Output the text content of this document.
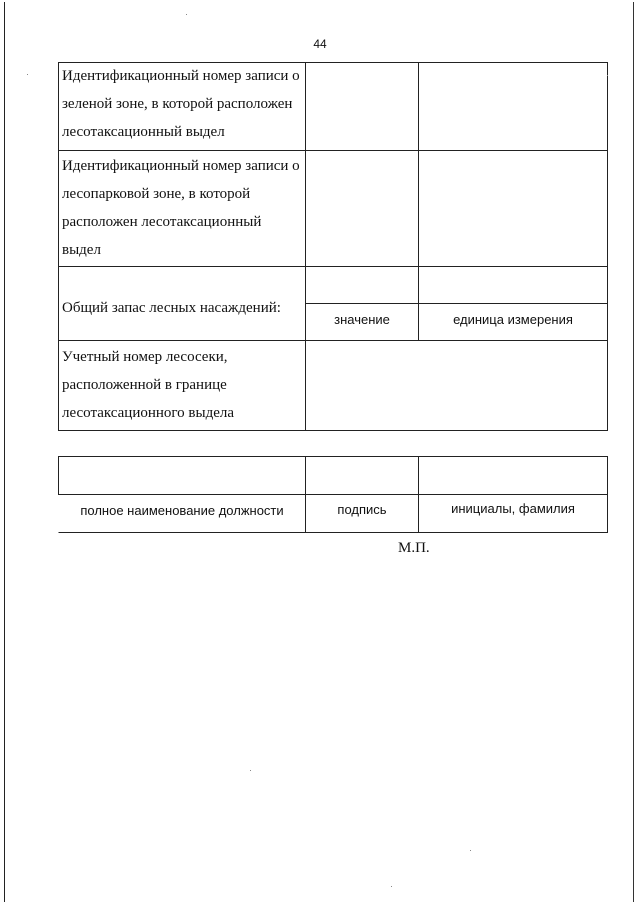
44
Идентификационный номер записи о
зеленой зоне, в которой расположен
лесотаксационный выдел
Идентификационный номер записи о
лесопарковой зоне, в которой
расположен лесотаксационный
выдел
Общий запас лесных насаждений:
значение	единица измерения
Учетный номер лесосеки,
расположенной в границе
лесотаксационного выдела
полное наименование должности	подпись	инициалы, фамилия
М.П.
